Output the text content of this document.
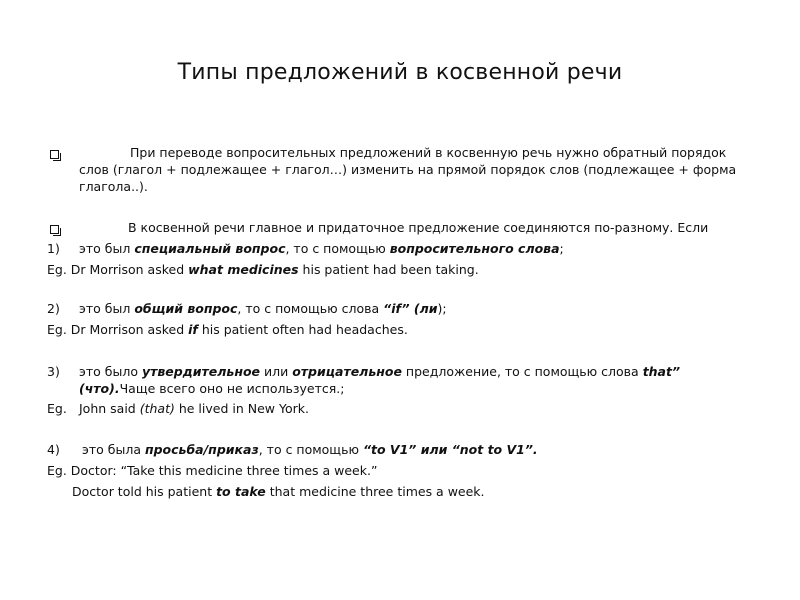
Типы предложений в косвенной речи
При переводе вопросительных предложений в косвенную речь нужно обратный порядок
слов (глагол + подлежащее + глагол…) изменить на прямой порядок слов (подлежащее + форма
глагола..).
В косвенной речи главное и придаточное предложение соединяются по-разному. Если
1) это был специальный вопрос, то с помощью вопросительного слова;
Eg. Dr Morrison asked what medicines his patient had been taking.
2) это был общий вопрос, то с помощью слова “if” (ли);
Eg. Dr Morrison asked if his patient often had headaches.
3) это было утвердительное или отрицательное предложение, то с помощью слова that”
(что).Чаще всего оно не используется.;
Eg. John said (that) he lived in New York.
4) это была просьба/приказ, то с помощью “to V1” или “not to V1”.
Eg. Doctor: “Take this medicine three times a week.”
Doctor told his patient to take that medicine three times a week.
